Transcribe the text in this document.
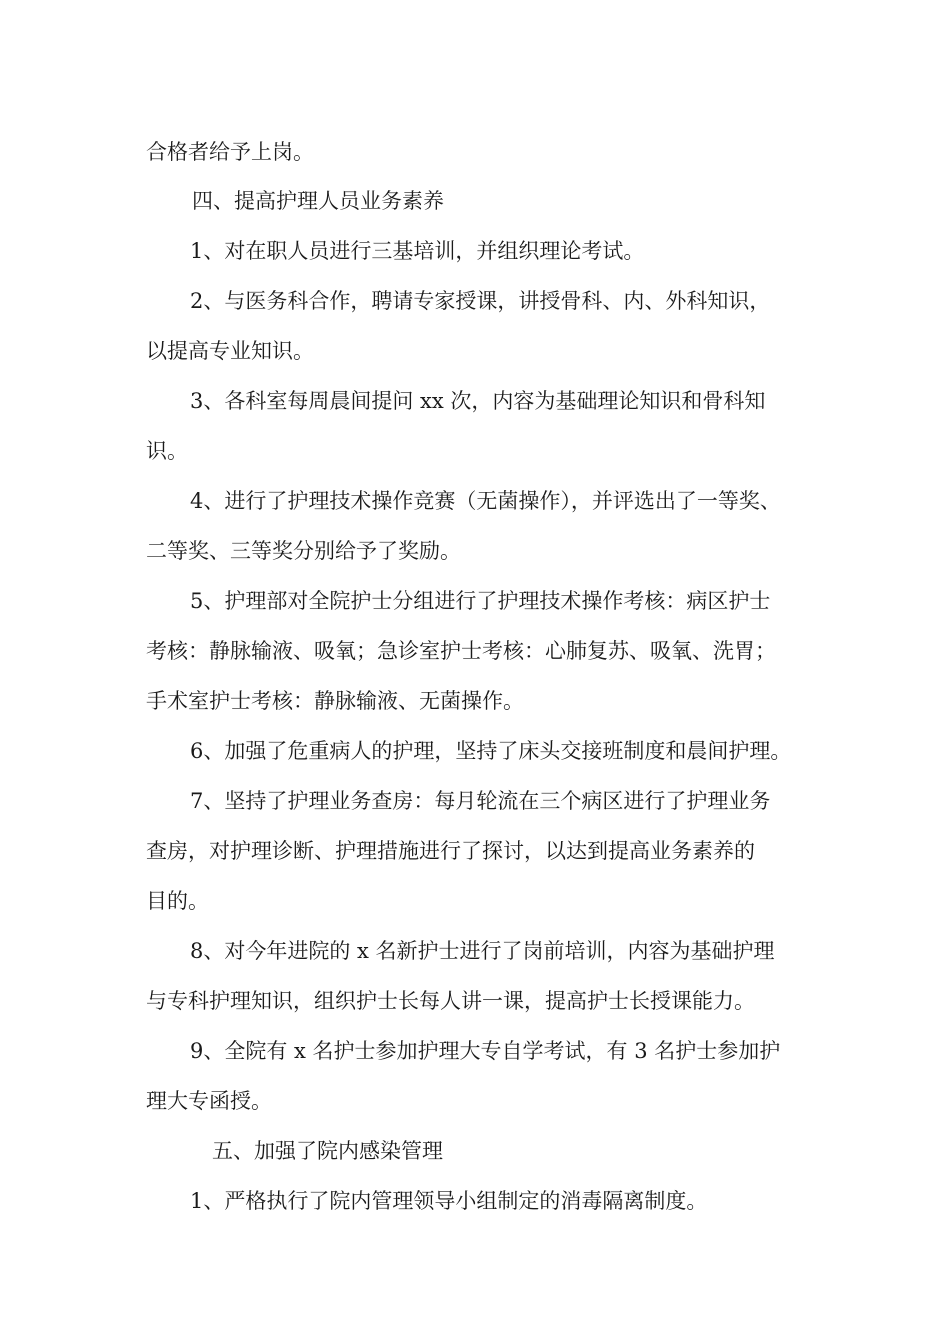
合格者给予上岗。
四、提高护理人员业务素养
1、对在职人员进行三基培训，并组织理论考试。
2、与医务科合作，聘请专家授课，讲授骨科、内、外科知识，
以提高专业知识。
3、各科室每周晨间提问 xx 次，内容为基础理论知识和骨科知
识。
4、进行了护理技术操作竞赛（无菌操作），并评选出了一等奖、
二等奖、三等奖分别给予了奖励。
5、护理部对全院护士分组进行了护理技术操作考核：病区护士
考核：静脉输液、吸氧；急诊室护士考核：心肺复苏、吸氧、洗胃；
手术室护士考核：静脉输液、无菌操作。
6、加强了危重病人的护理，坚持了床头交接班制度和晨间护理。
7、坚持了护理业务查房：每月轮流在三个病区进行了护理业务
查房，对护理诊断、护理措施进行了探讨，以达到提高业务素养的
目的。
8、对今年进院的 x 名新护士进行了岗前培训，内容为基础护理
与专科护理知识，组织护士长每人讲一课，提高护士长授课能力。
9、全院有 x 名护士参加护理大专自学考试，有 3 名护士参加护
理大专函授。
五、加强了院内感染管理
1、严格执行了院内管理领导小组制定的消毒隔离制度。
